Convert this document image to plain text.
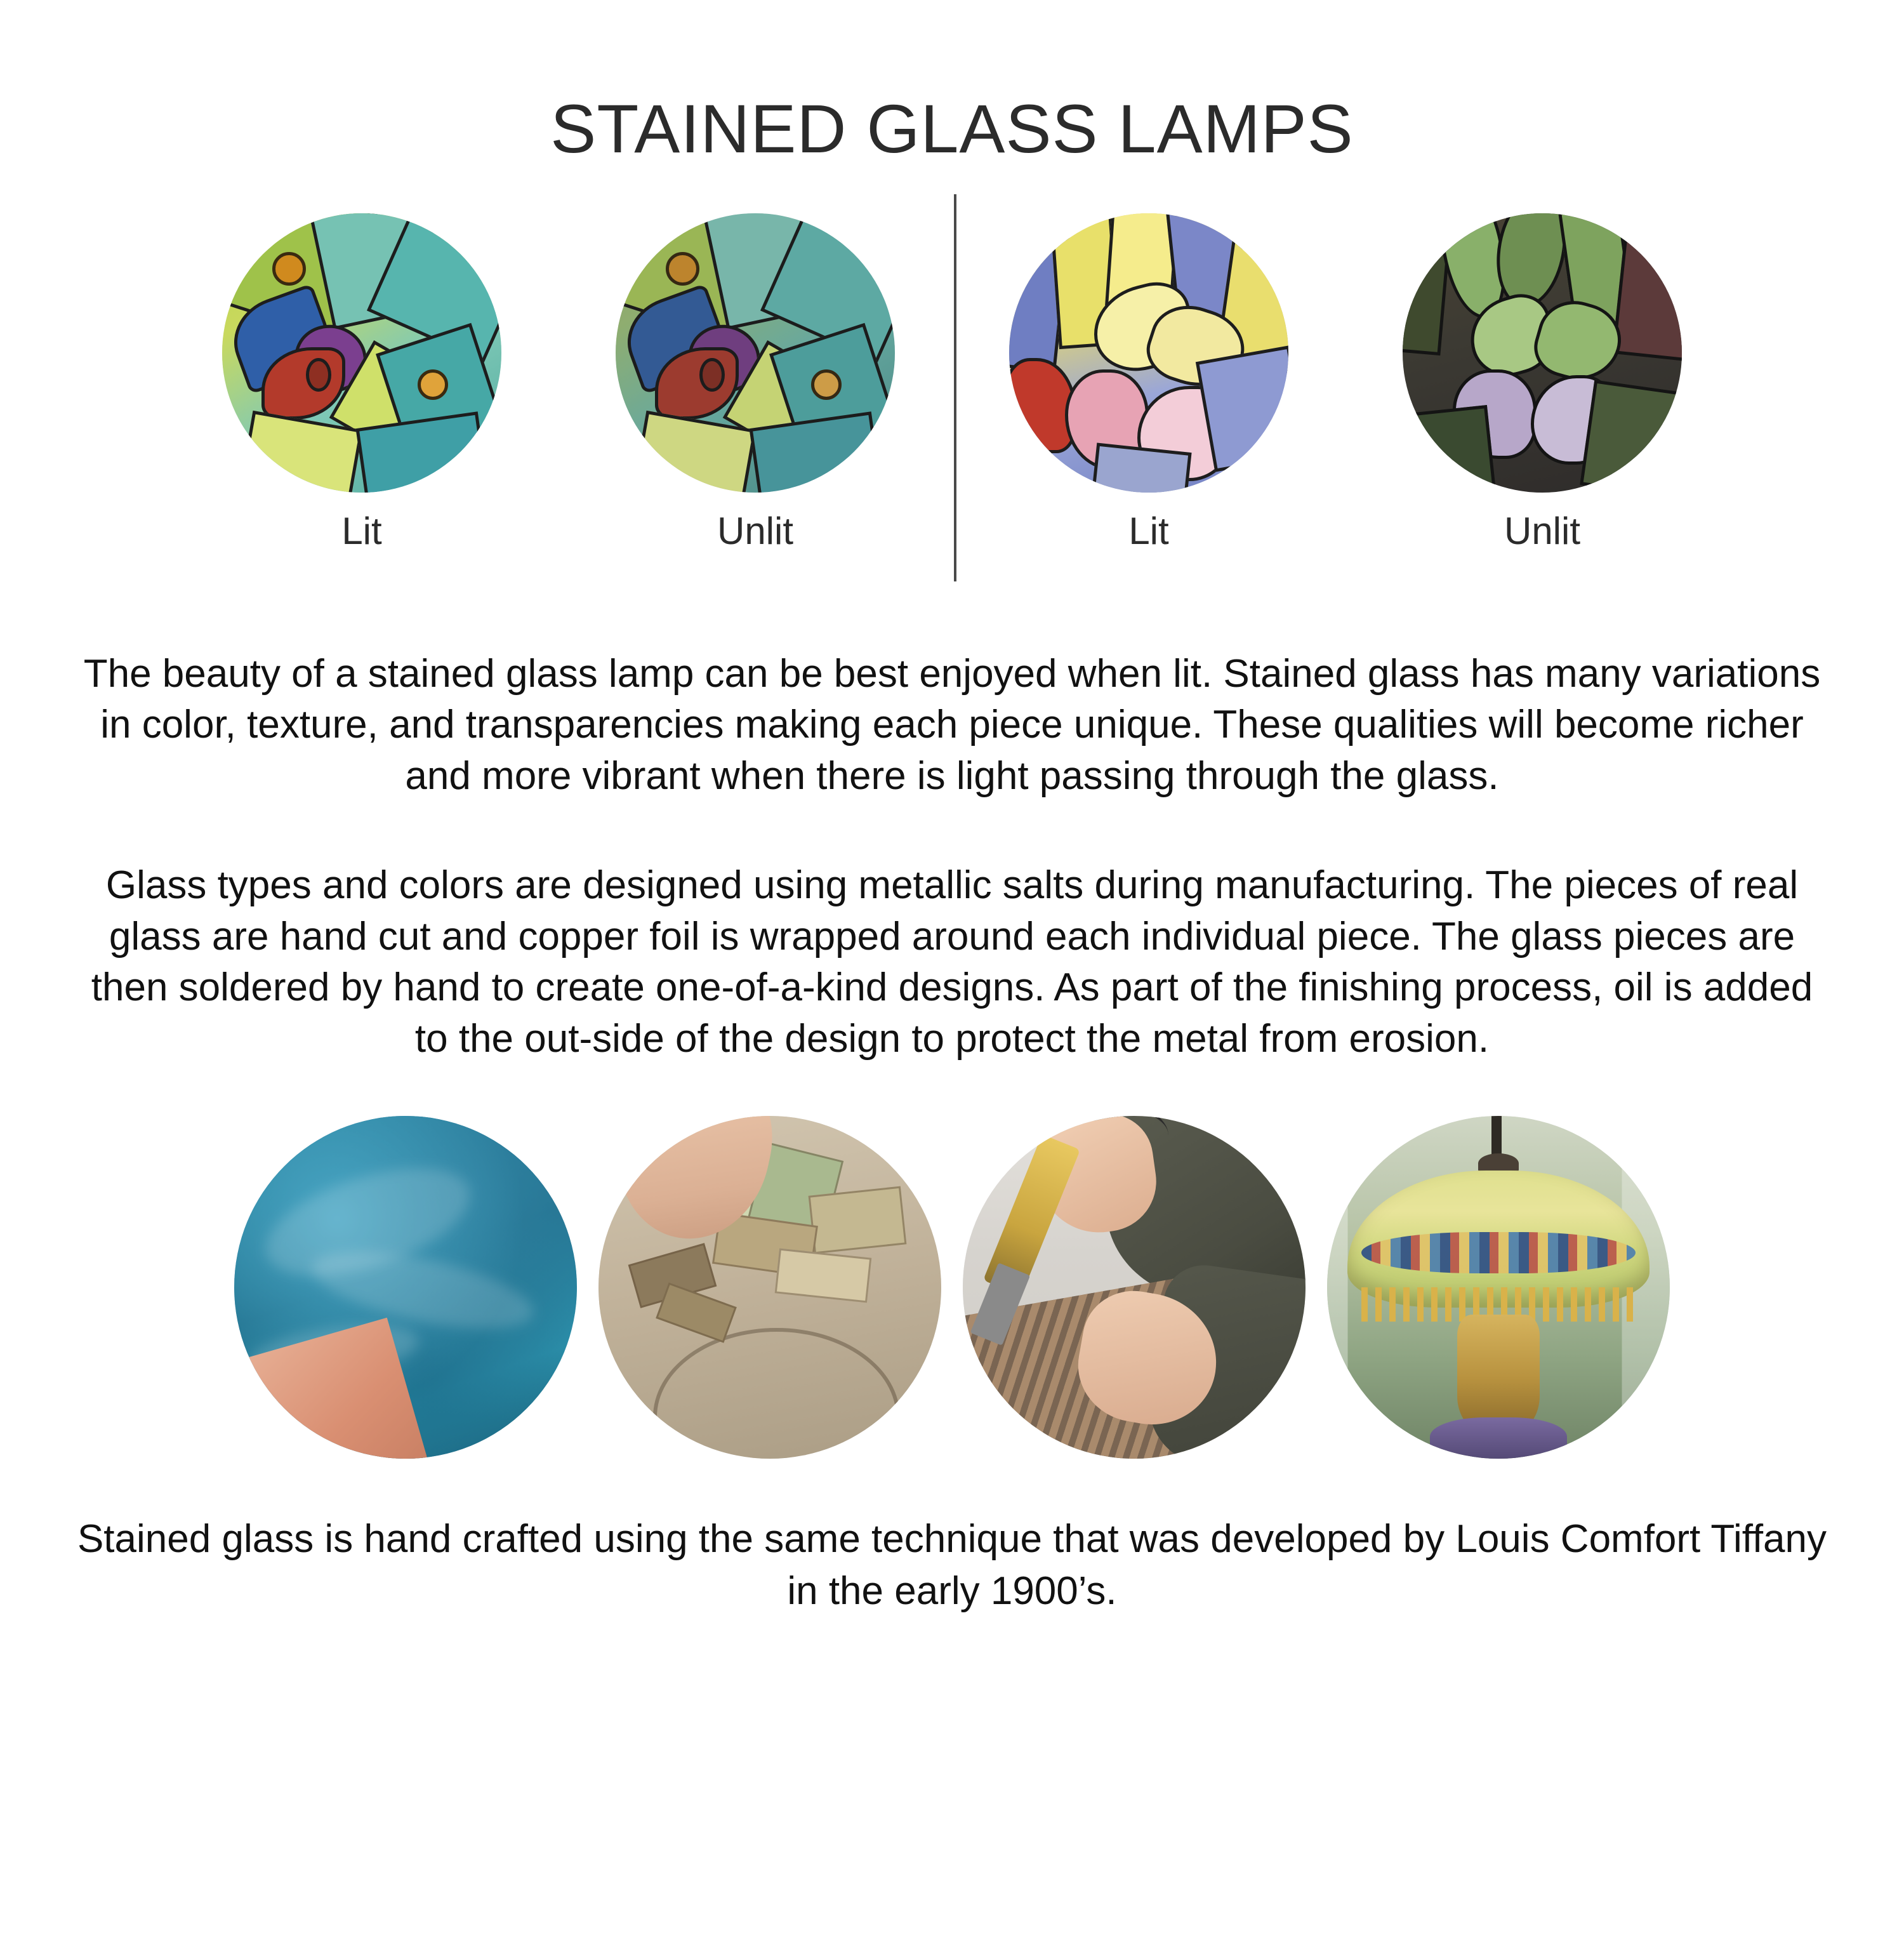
STAINED GLASS LAMPS
Lit	Unlit	Lit	Unlit

The beauty of a stained glass lamp can be best enjoyed when lit. Stained glass has many variations in color, texture, and transparencies making each piece unique. These qualities will become richer and more vibrant when there is light passing through the glass.

Glass types and colors are designed using metallic salts during manufacturing. The pieces of real glass are hand cut and copper foil is wrapped around each individual piece. The glass pieces are then soldered by hand to create one-of-a-kind designs. As part of the finishing process, oil is added to the out-side of the design to protect the metal from erosion.

Stained glass is hand crafted using the same technique that was developed by Louis Comfort Tiffany in the early 1900’s.
